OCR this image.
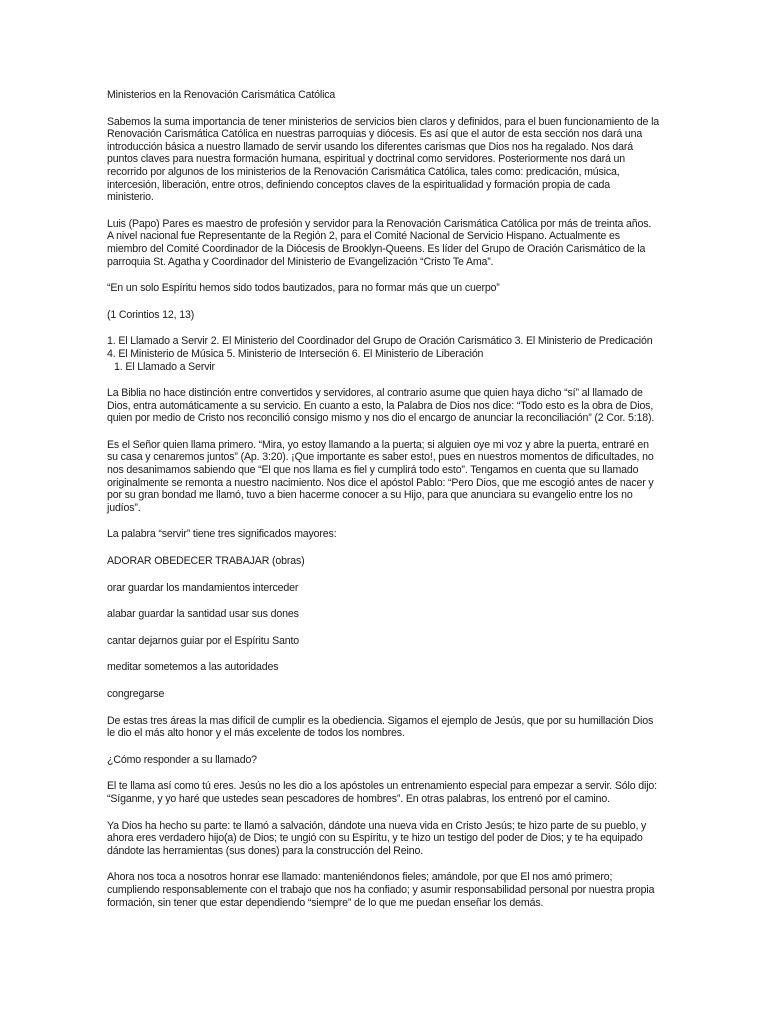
Ministerios en la Renovación Carismática Católica

Sabemos la suma importancia de tener ministerios de servicios bien claros y definidos, para el buen funcionamiento de la Renovación Carismática Católica en nuestras parroquias y diócesis. Es así que el autor de esta sección nos dará una introducción básica a nuestro llamado de servir usando los diferentes carismas que Dios nos ha regalado. Nos dará puntos claves para nuestra formación humana, espiritual y doctrinal como servidores. Posteriormente nos dará un recorrido por algunos de los ministerios de la Renovación Carismática Católica, tales como: predicación, música, intercesión, liberación, entre otros, definiendo conceptos claves de la espiritualidad y formación propia de cada ministerio.

Luis (Papo) Pares es maestro de profesión y servidor para la Renovación Carismática Católica por más de treinta años. A nivel nacional fue Representante de la Región 2, para el Comité Nacional de Servicio Hispano. Actualmente es miembro del Comité Coordinador de la Diócesis de Brooklyn-Queens. Es líder del Grupo de Oración Carismático de la parroquia St. Agatha y Coordinador del Ministerio de Evangelización “Cristo Te Ama”.

“En un solo Espíritu hemos sido todos bautizados, para no formar más que un cuerpo”

(1 Corintios 12, 13)

1. El Llamado a Servir 2. El Ministerio del Coordinador del Grupo de Oración Carismático 3. El Ministerio de Predicación 4. El Ministerio de Música 5. Ministerio de Interseción 6. El Ministerio de Liberación
1. El Llamado a Servir

La Biblia no hace distinción entre convertidos y servidores, al contrario asume que quien haya dicho “sí” al llamado de Dios, entra automáticamente a su servicio. En cuanto a esto, la Palabra de Dios nos dice: “Todo esto es la obra de Dios, quien por medio de Cristo nos reconcilió consigo mismo y nos dio el encargo de anunciar la reconciliación” (2 Cor. 5:18).

Es el Señor quien llama primero. “Mira, yo estoy llamando a la puerta; si alguien oye mi voz y abre la puerta, entraré en su casa y cenaremos juntos” (Ap. 3:20). ¡Que importante es saber esto!, pues en nuestros momentos de dificultades, no nos desanimamos sabiendo que “El que nos llama es fiel y cumplirá todo esto”. Tengamos en cuenta que su llamado originalmente se remonta a nuestro nacimiento. Nos dice el apóstol Pablo: “Pero Dios, que me escogió antes de nacer y por su gran bondad me llamó, tuvo a bien hacerme conocer a su Hijo, para que anunciara su evangelio entre los no judíos”.

La palabra “servir” tiene tres significados mayores:

ADORAR OBEDECER TRABAJAR (obras)

orar guardar los mandamientos interceder

alabar guardar la santidad usar sus dones

cantar dejarnos guiar por el Espíritu Santo

meditar sometemos a las autoridades

congregarse

De estas tres áreas la mas difícil de cumplir es la obediencia. Sigamos el ejemplo de Jesús, que por su humillación Dios le dio el más alto honor y el más excelente de todos los nombres.

¿Cómo responder a su llamado?

El te llama así como tú eres. Jesús no les dio a los apóstoles un entrenamiento especial para empezar a servir. Sólo dijo: “Síganme, y yo haré que ustedes sean pescadores de hombres”. En otras palabras, los entrenó por el camino.

Ya Dios ha hecho su parte: te llamó a salvación, dándote una nueva vida en Cristo Jesús; te hizo parte de su pueblo, y ahora eres verdadero hijo(a) de Dios; te ungió con su Espíritu, y te hizo un testigo del poder de Dios; y te ha equipado dándote las herramientas (sus dones) para la construcción del Reino.

Ahora nos toca a nosotros honrar ese llamado: manteniéndonos fieles; amándole, por que El nos amó primero; cumpliendo responsablemente con el trabajo que nos ha confiado; y asumir responsabilidad personal por nuestra propia formación, sin tener que estar dependiendo “siempre” de lo que me puedan enseñar los demás.
